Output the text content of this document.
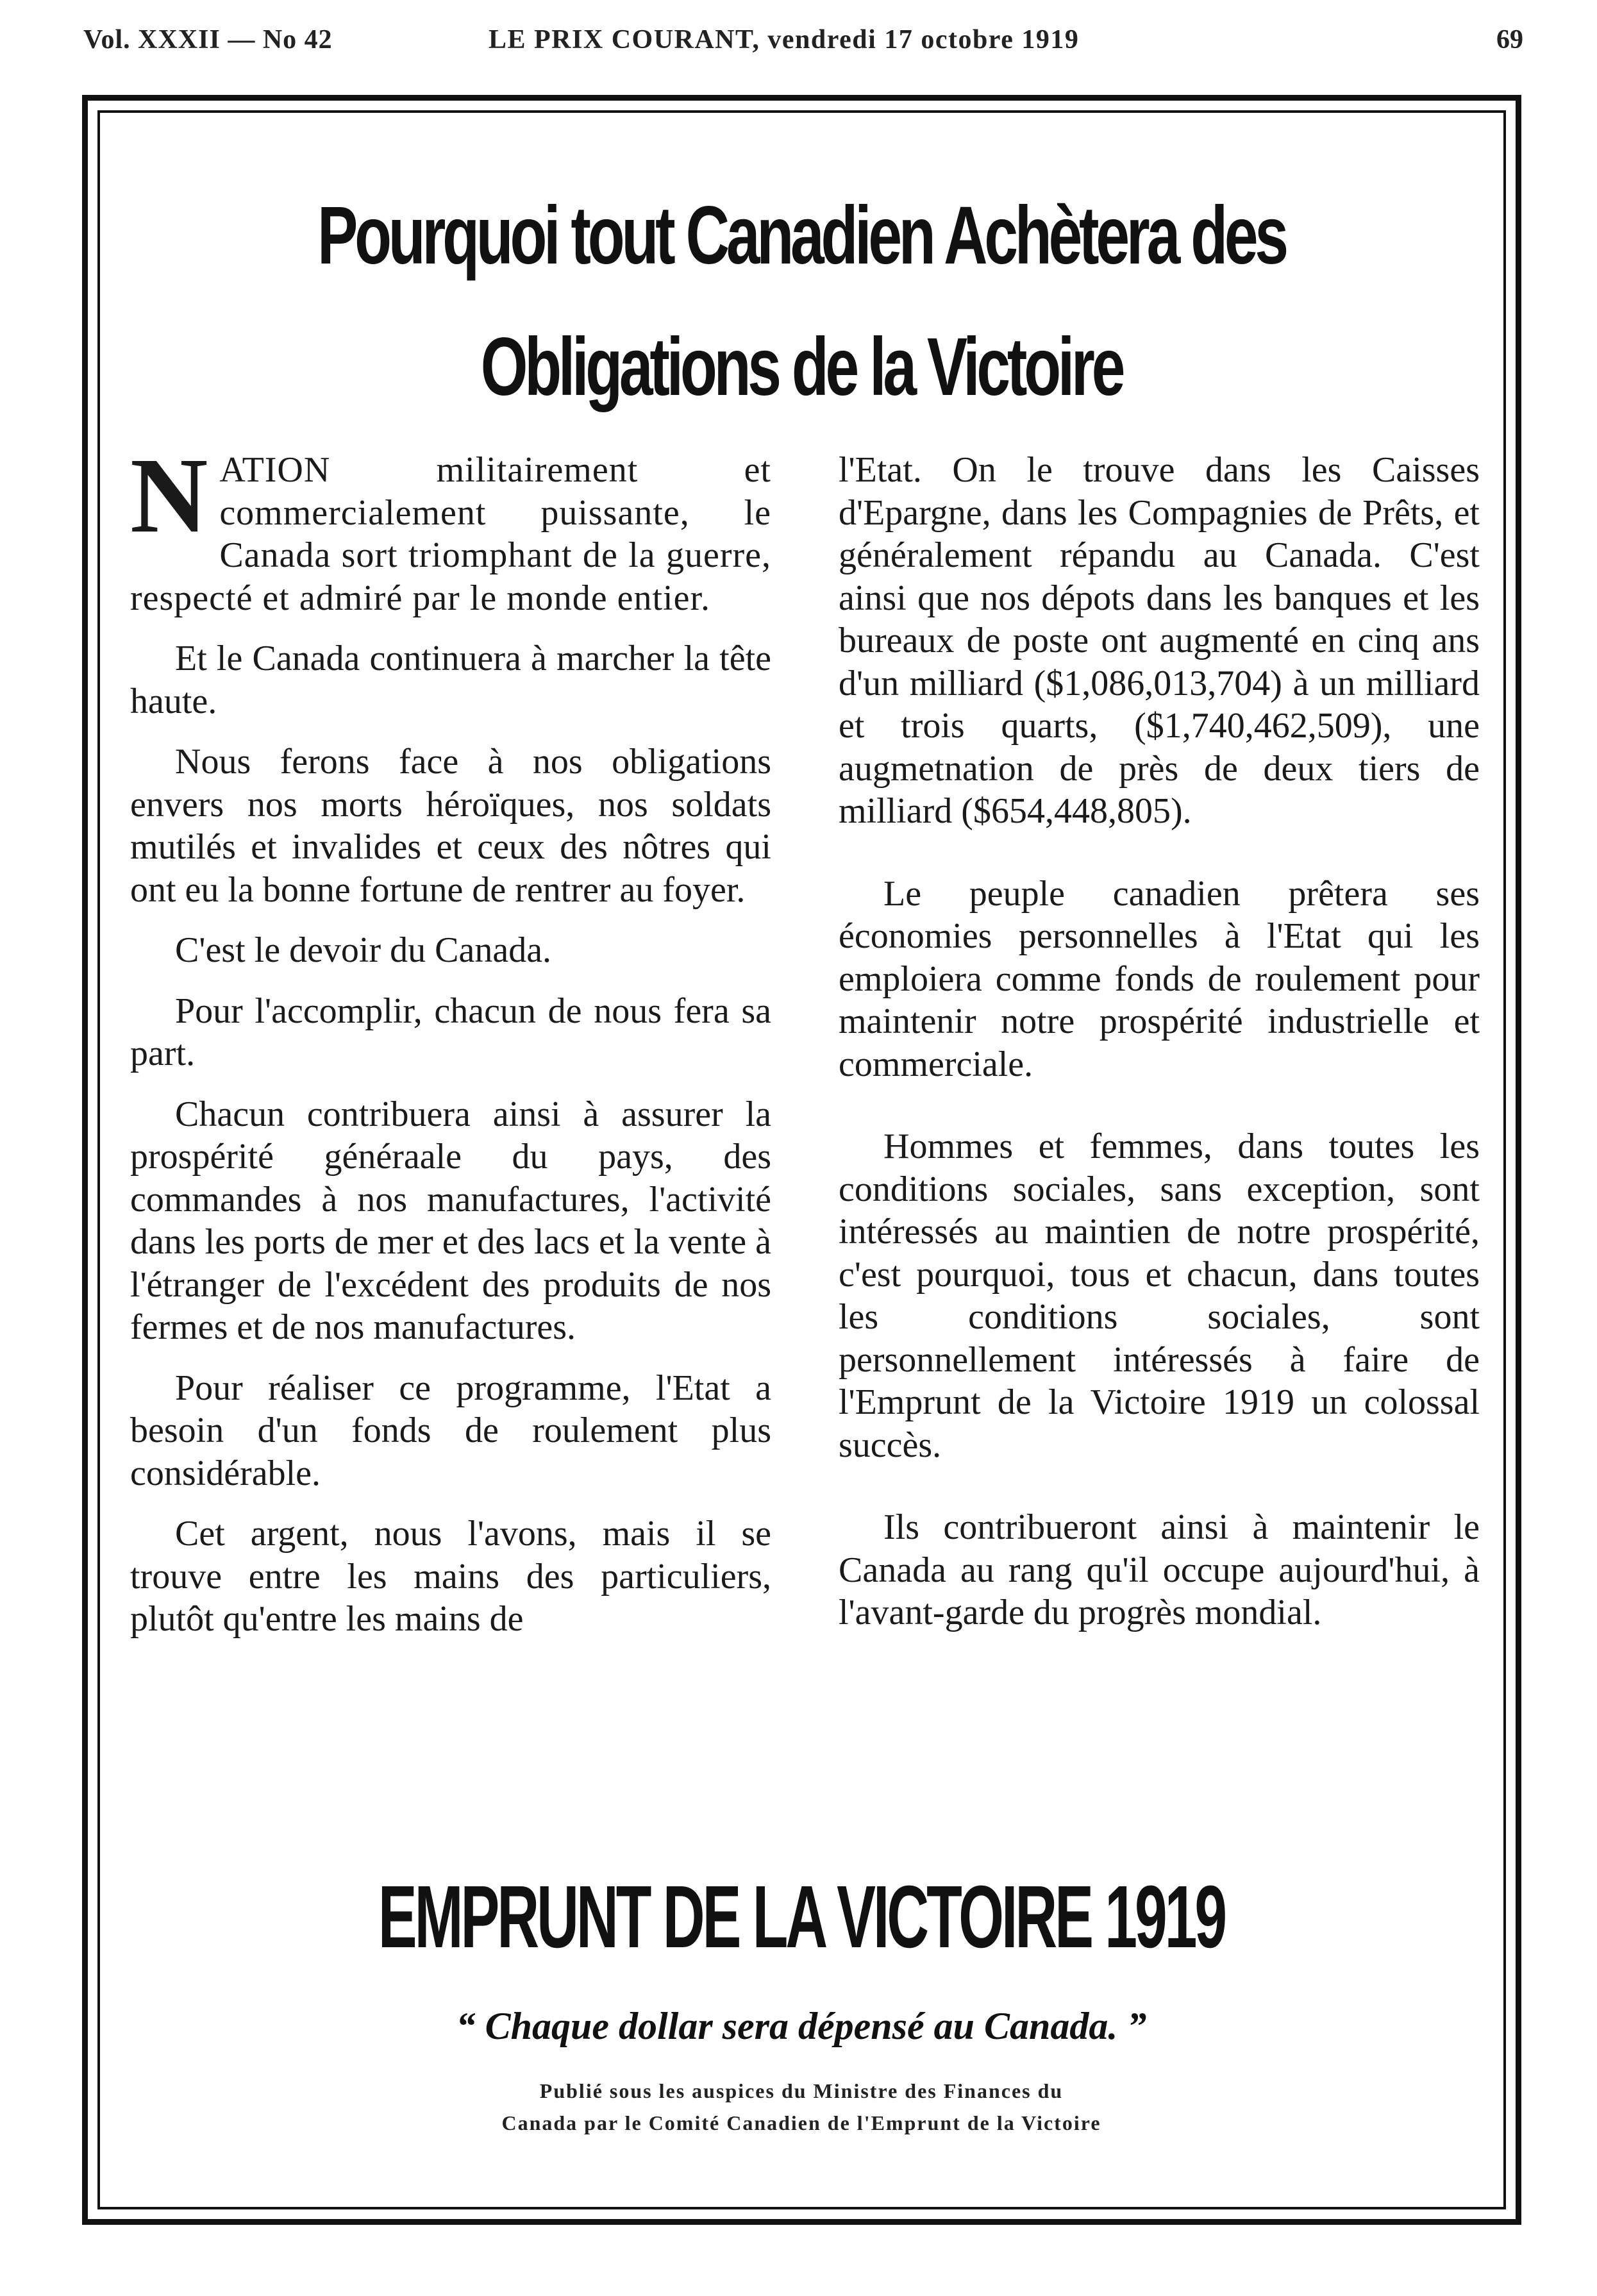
Vol. XXXII — No 42	LE PRIX COURANT, vendredi 17 octobre 1919	69
Pourquoi tout Canadien Achètera des Obligations de la Victoire

NATION militairement et commercialement puissante, le Canada sort triomphant de la guerre, respecté et admiré par le monde entier.

Et le Canada continuera à marcher la tête haute.

Nous ferons face à nos obligations envers nos morts héroïques, nos soldats mutilés et invalides et ceux des nôtres qui ont eu la bonne fortune de rentrer au foyer.

C'est le devoir du Canada.

Pour l'accomplir, chacun de nous fera sa part.

Chacun contribuera ainsi à assurer la prospérité généraale du pays, des commandes à nos manufactures, l'activité dans les ports de mer et des lacs et la vente à l'étranger de l'excédent des produits de nos fermes et de nos manufactures.

Pour réaliser ce programme, l'Etat a besoin d'un fonds de roulement plus considérable.

Cet argent, nous l'avons, mais il se trouve entre les mains des particuliers, plutôt qu'entre les mains de

l'Etat. On le trouve dans les Caisses d'Epargne, dans les Compagnies de Prêts, et généralement répandu au Canada. C'est ainsi que nos dépots dans les banques et les bureaux de poste ont augmenté en cinq ans d'un milliard ($1,086,013,704) à un milliard et trois quarts, ($1,740,462,509), une augmetnation de près de deux tiers de milliard ($654,448,805).

Le peuple canadien prêtera ses économies personnelles à l'Etat qui les emploiera comme fonds de roulement pour maintenir notre prospérité industrielle et commerciale.

Hommes et femmes, dans toutes les conditions sociales, sans exception, sont intéressés au maintien de notre prospérité, c'est pourquoi, tous et chacun, dans toutes les conditions sociales, sont personnellement intéressés à faire de l'Emprunt de la Victoire 1919 un colossal succès.

Ils contribueront ainsi à maintenir le Canada au rang qu'il occupe aujourd'hui, à l'avant-garde du progrès mondial.

EMPRUNT DE LA VICTOIRE 1919
“ Chaque dollar sera dépensé au Canada. ”
Publié sous les auspices du Ministre des Finances du
Canada par le Comité Canadien de l'Emprunt de la Victoire
